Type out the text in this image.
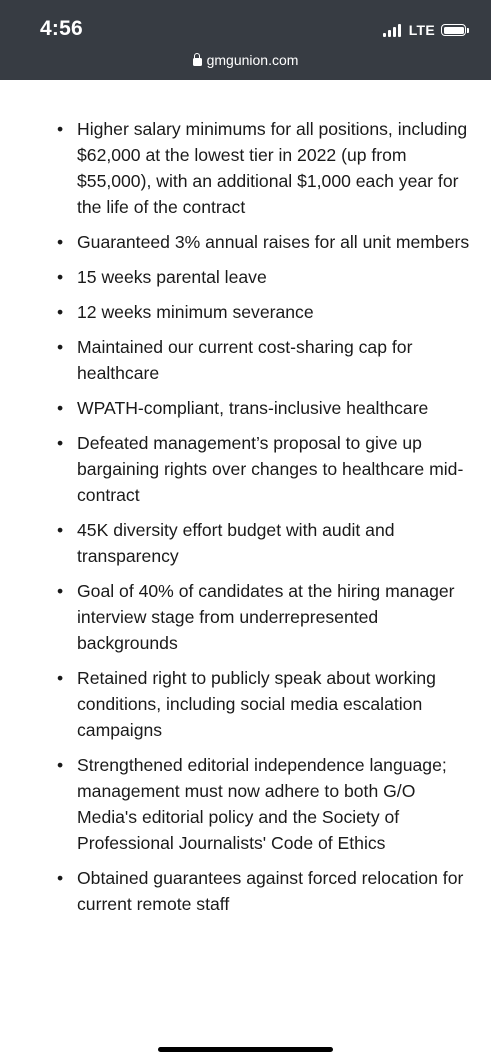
4:56	LTE
gmgunion.com
• Higher salary minimums for all positions, including $62,000 at the lowest tier in 2022 (up from $55,000), with an additional $1,000 each year for the life of the contract
• Guaranteed 3% annual raises for all unit members
• 15 weeks parental leave
• 12 weeks minimum severance
• Maintained our current cost-sharing cap for healthcare
• WPATH-compliant, trans-inclusive healthcare
• Defeated management’s proposal to give up bargaining rights over changes to healthcare mid-contract
• 45K diversity effort budget with audit and transparency
• Goal of 40% of candidates at the hiring manager interview stage from underrepresented backgrounds
• Retained right to publicly speak about working conditions, including social media escalation campaigns
• Strengthened editorial independence language; management must now adhere to both G/O Media's editorial policy and the Society of Professional Journalists' Code of Ethics
• Obtained guarantees against forced relocation for current remote staff
